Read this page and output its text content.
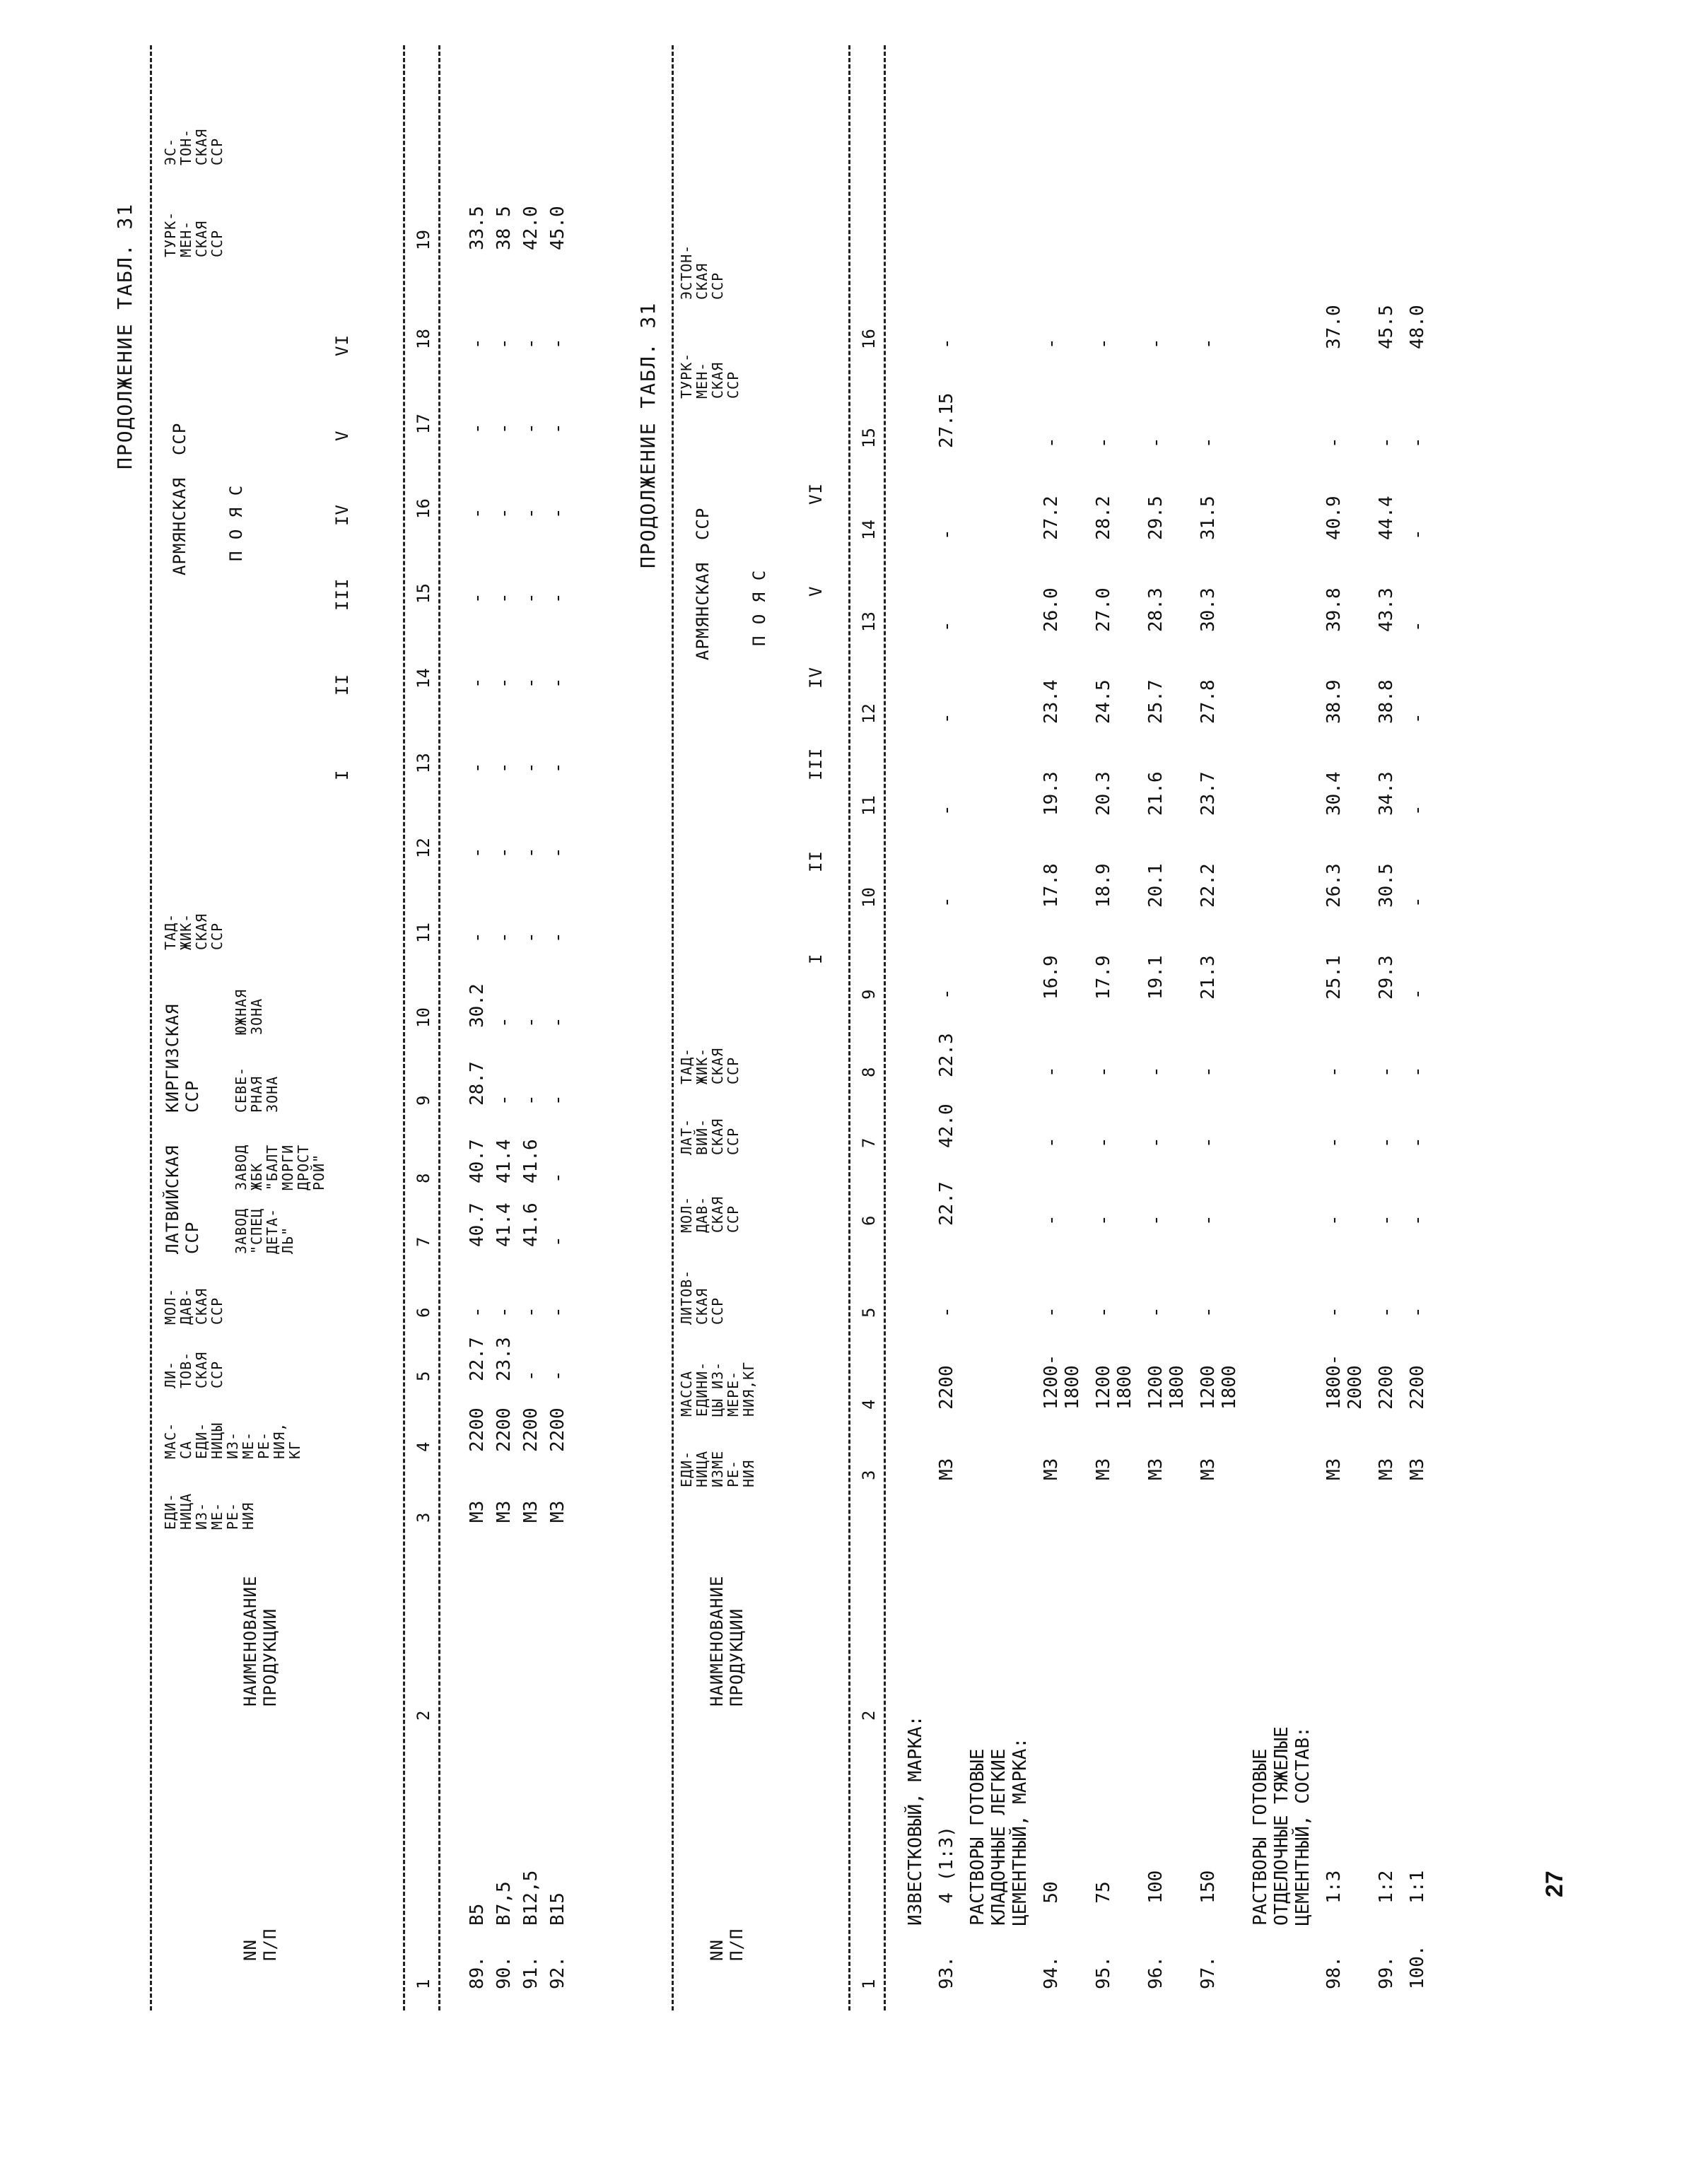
ПРОДОЛЖЕНИЕ ТАБЛ. 31
NN
П/П
НАИМЕНОВАНИЕ
ПРОДУКЦИИ
ЕДИ-
НИЦА
ИЗ-
МЕ-
РЕ-
НИЯ
МАС-
СА
ЕДИ-
НИЦЫ
ИЗ-
МЕ-
РЕ-
НИЯ,
КГ
ЛИ-
ТОВ-
СКАЯ
ССР
МОЛ-
ДАВ-
СКАЯ
ССР
ЛАТВИЙСКАЯ
ССР ЗАВОД
"СПЕЦ
ДЕТА-
ЛЬ"
ЗАВОД
ЖБК
"БАЛТ
МОРГИ
ДРОСТ
РОЙ"
КИРГИЗСКАЯ
ССР СЕВЕ-
РНАЯ
ЗОНА
ЮЖНАЯ
ЗОНА
ТАД-
ЖИК-
СКАЯ
ССР
АРМЯНСКАЯ  ССР П О Я С
I
II
III
IV
V
VI
ТУРК-
МЕН-
СКАЯ
ССР
ЭС-
ТОН-
СКАЯ
ССР
1
2
3
4
5
6
7
8
9
10
11
12
13
14
15
16
17
18
19
89.
B5
М3
2200
22.7
-
40.7
40.7
28.7
30.2
-
-
-
-
-
-
-
-
33.5
90.
B7,5
М3
2200
23.3
-
41.4
41.4
-
-
-
-
-
-
-
-
-
-
38 5
91.
B12,5
М3
2200
-
-
41.6
41.6
-
-
-
-
-
-
-
-
-
-
42.0
92.
B15
М3
2200
-
-
-
-
-
-
-
-
-
-
-
-
-
-
45.0
ПРОДОЛЖЕНИЕ ТАБЛ. 31
NN
П/П
НАИМЕНОВАНИЕ
ПРОДУКЦИИ
ЕДИ-
НИЦА
ИЗМЕ
РЕ-
НИЯ
МАССА
ЕДИНИ-
ЦЫ ИЗ-
МЕРЕ-
НИЯ,КГ
ЛИТОВ-
СКАЯ
ССР
МОЛ-
ДАВ-
СКАЯ
ССР
ЛАТ-
ВИЙ-
СКАЯ
ССР
ТАД-
ЖИК-
СКАЯ
ССР
АРМЯНСКАЯ  ССР П О Я С
I
II
III
IV
V
VI
ТУРК-
МЕН-
СКАЯ
ССР
ЭСТОН-
СКАЯ
ССР
1
2
3
4
5
6
7
8
9
10
11
12
13
14
15
16
ИЗВЕСТКОВЫЙ, МАРКА:
93.
4 (1:3)
М3
2200
-
22.7
42.0
22.3
-
-
-
-
-
-
27.15
-
РАСТВОРЫ ГОТОВЫЕ
КЛАДОЧНЫЕ ЛЕГКИЕ
ЦЕМЕНТНЫЙ, МАРКА:
94.
50
М3
1200-
1800
-
-
-
-
16.9
17.8
19.3
23.4
26.0
27.2
-
-
95.
75
М3
1200
1800
-
-
-
-
17.9
18.9
20.3
24.5
27.0
28.2
-
-
96.
100
М3
1200
1800
-
-
-
-
19.1
20.1
21.6
25.7
28.3
29.5
-
-
97.
150
М3
1200
1800
-
-
-
-
21.3
22.2
23.7
27.8
30.3
31.5
-
-
РАСТВОРЫ ГОТОВЫЕ
ОТДЕЛОЧНЫЕ ТЯЖЕЛЫЕ
ЦЕМЕНТНЫЙ, СОСТАВ:
98.
1:3
М3
1800-
2000
-
-
-
-
25.1
26.3
30.4
38.9
39.8
40.9
-
37.0
99.
1:2
М3
2200
-
-
-
-
29.3
30.5
34.3
38.8
43.3
44.4
-
45.5
100.
1:1
М3
2200
-
-
-
-
-
-
-
-
-
-
-
48.0
27
